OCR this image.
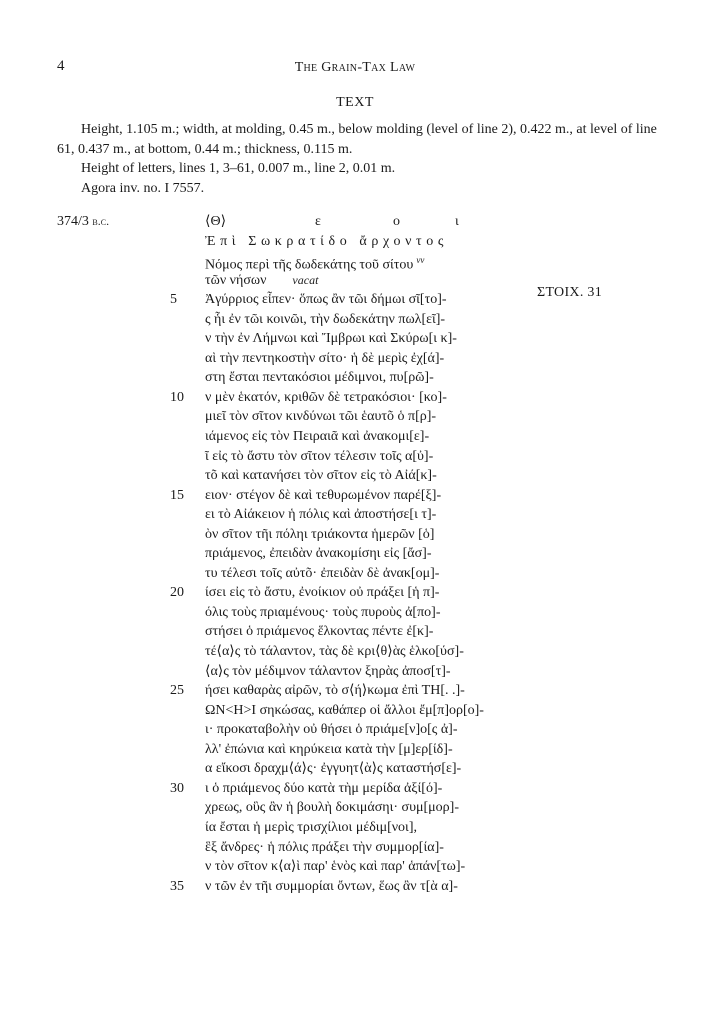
4	The Grain-Tax Law
TEXT

Height, 1.105 m.; width, at molding, 0.45 m., below molding (level of line 2), 0.422 m., at level of line 61, 0.437 m., at bottom, 0.44 m.; thickness, 0.115 m.

Height of letters, lines 1, 3–61, 0.007 m., line 2, 0.01 m.

Agora inv. no. I 7557.

374/3 b.c.
ΣΤΟΙΧ. 31
⟨Θ⟩	ε	ο	ι
Ἐπὶ Σωκρατίδο ἄρχοντος
Νόμος περὶ τῆς δωδεκάτης τοῦ σίτου $^{vv}$
τῶν νήσων vacat
5	Ἀγύρριος εἶπεν· ὅπως ἂν τῶι δήμωι σῖ[το]-
ς ἧι ἐν τῶι κοινῶι, τὴν δωδεκάτην πωλ[εῖ]-
ν τὴν ἐν Λήμνωι καὶ Ἴμβρωι καὶ Σκύρω[ι κ]-
αὶ τὴν πεντηκοστὴν σίτο· ἡ δὲ μερὶς ἐχ[ά]-
στη ἔσται πεντακόσιοι μέδιμνοι, πυ[ρῶ]-
10	ν μὲν ἑκατόν, κριθῶν δὲ τετρακόσιοι· [κο]-
μιεῖ τὸν σῖτον κινδύνωι τῶι ἑαυτõ ὁ π[ρ]-
ιάμενος εἰς τὸν Πειραιᾶ καὶ ἀνακομι[ε]-
ῖ εἰς τὸ ἄστυ τὸν σῖτον τέλεσιν τοῖς α[ὐ]-
τõ καὶ κατανήσει τὸν σῖτον εἰς τὸ Αἰά[κ]-
15	ειον· στέγον δὲ καὶ τεθυρωμένον παρέ[ξ]-
ει τὸ Αἰάκειον ἡ πόλις καὶ ἀποστήσε[ι τ]-
ὸν σῖτον τῆι πόληι τριάκοντα ἡμερῶν [ὁ]
πριάμενος, ἐπειδὰν ἀνακομίσηι εἰς [ἄσ]-
τυ τέλεσι τοῖς αὐτõ· ἐπειδὰν δὲ ἀνακ[ομ]-
20	ίσει εἰς τὸ ἄστυ, ἐνοίκιον οὐ πράξει [ἡ π]-
όλις τοὺς πριαμένους· τοὺς πυροὺς ἀ[πο]-
στήσει ὁ πριάμενος ἕλκοντας πέντε ἐ[κ]-
τέ⟨α⟩ς τὸ τάλαντον, τὰς δὲ κρι⟨θ⟩ὰς ἑλκο[ύσ]-
⟨α⟩ς τὸν μέδιμνον τάλαντον ξηρὰς ἀποσ[τ]-
25	ήσει καθαρὰς αἰρῶν, τὸ σ⟨ή⟩κωμα ἐπὶ ΤΗ[. .]-
ΩN<H>I σηκώσας, καθάπερ οἱ ἄλλοι ἔμ[π]ορ[ο]-
ι· προκαταβολὴν οὐ θήσει ὁ πριάμε[ν]ο[ς ἀ]-
λλ' ἐπώνια καὶ κηρύκεια κατὰ τὴν [μ]ερ[ίδ]-
α εἴκοσι δραχμ⟨ά⟩ς· ἐγγυητ⟨ὰ⟩ς καταστήσ[ε]-
30	ι ὁ πριάμενος δύο κατὰ τὴμ μερίδα ἀξί[ό]-
χρεως, οὓς ἂν ἡ βουλὴ δοκιμάσηι· συμ[μορ]-
ία ἔσται ἡ μερὶς τρισχίλιοι μέδιμ[νοι],
ἓξ ἄνδρες· ἡ πόλις πράξει τὴν συμμορ[ία]-
ν τὸν σῖτον κ⟨α⟩ὶ παρ' ἑνὸς καὶ παρ' ἁπάν[τω]-
35	ν τῶν ἐν τῆι συμμορίαι ὄντων, ἕως ἂν τ[ὰ α]-
